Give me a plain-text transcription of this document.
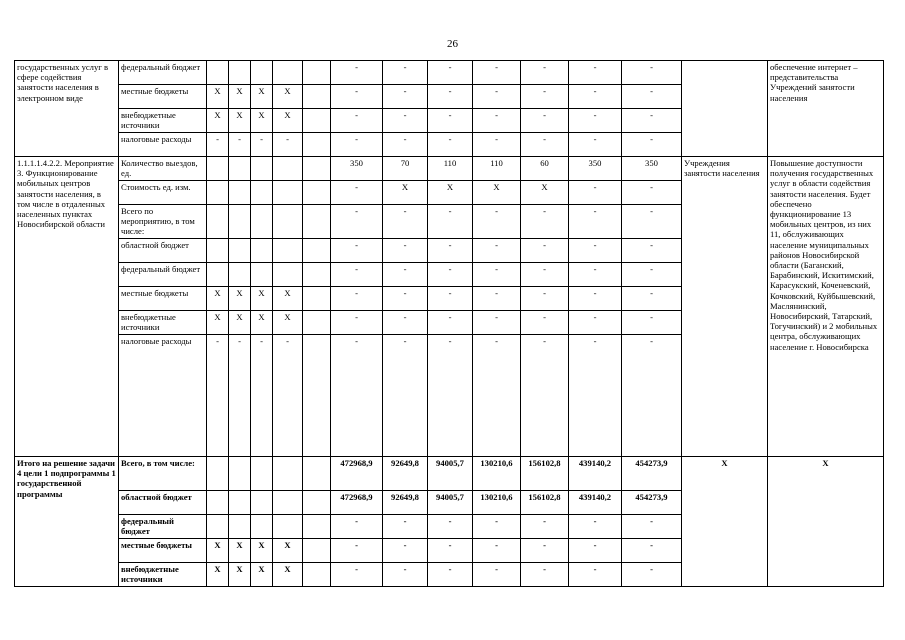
26
государственных услуг в сфере содействия занятости населения в электронном виде	федеральный бюджет						-	-	-	-	-	-	-		обеспечение интернет – представительства Учреждений занятости населения
	местные бюджеты	X	X	X	X		-	-	-	-	-	-	-		
	внебюджетные источники	X	X	X	X		-	-	-	-	-	-	-		
	налоговые расходы	-	-	-	-		-	-	-	-	-	-	-		
1.1.1.1.4.2.2. Мероприятие 3. Функционирование мобильных центров занятости населения, в том числе в отдаленных населенных пунктах Новосибирской области	Количество выездов, ед.						350	70	110	110	60	350	350	Учреждения занятости населения	Повышение доступности получения государственных услуг в области содействия занятости населения. Будет обеспечено функционирование 13 мобильных центров, из них 11, обслуживающих население муниципальных районов Новосибирской области (Баганский, Барабинский, Искитимский, Карасукский, Коченевский, Кочковский, Куйбышевский, Маслянинский, Новосибирский, Татарский, Тогучинский) и 2 мобильных центра, обслуживающих население г. Новосибирска
	Стоимость ед. изм.						-	X	X	X	X	-	-		
	Всего по мероприятию, в том числе:						-	-	-	-	-	-	-		
	областной бюджет						-	-	-	-	-	-	-		
	федеральный бюджет						-	-	-	-	-	-	-		
	местные бюджеты	X	X	X	X		-	-	-	-	-	-	-		
	внебюджетные источники	X	X	X	X		-	-	-	-	-	-	-		
	налоговые расходы	-	-	-	-		-	-	-	-	-	-	-		
Итого на решение задачи 4 цели 1 подпрограммы 1 государственной программы	Всего, в том числе:						472968,9	92649,8	94005,7	130210,6	156102,8	439140,2	454273,9	X	X
	областной бюджет						472968,9	92649,8	94005,7	130210,6	156102,8	439140,2	454273,9		
	федеральный бюджет						-	-	-	-	-	-	-		
	местные бюджеты	X	X	X	X		-	-	-	-	-	-	-		
	внебюджетные источники	X	X	X	X		-	-	-	-	-	-	-		
